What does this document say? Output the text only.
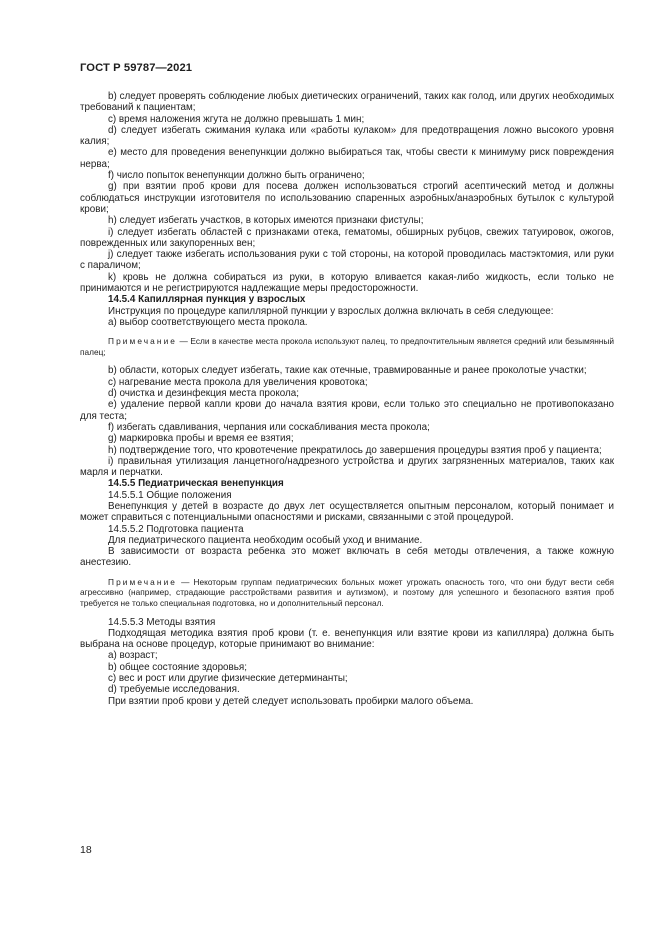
ГОСТ Р 59787—2021

b) следует проверять соблюдение любых диетических ограничений, таких как голод, или других необходимых требований к пациентам;

c) время наложения жгута не должно превышать 1 мин;

d) следует избегать сжимания кулака или «работы кулаком» для предотвращения ложно высокого уровня калия;

e) место для проведения венепункции должно выбираться так, чтобы свести к минимуму риск повреждения нерва;

f) число попыток венепункции должно быть ограничено;

g) при взятии проб крови для посева должен использоваться строгий асептический метод и должны соблюдаться инструкции изготовителя по использованию спаренных аэробных/анаэробных бутылок с культурой крови;

h) следует избегать участков, в которых имеются признаки фистулы;

i) следует избегать областей с признаками отека, гематомы, обширных рубцов, свежих татуировок, ожогов, поврежденных или закупоренных вен;

j) следует также избегать использования руки с той стороны, на которой проводилась мастэктомия, или руки с параличом;

k) кровь не должна собираться из руки, в которую вливается какая-либо жидкость, если только не принимаются и не регистрируются надлежащие меры предосторожности.

14.5.4 Капиллярная пункция у взрослых

Инструкция по процедуре капиллярной пункции у взрослых должна включать в себя следующее:

a) выбор соответствующего места прокола.

Примечание — Если в качестве места прокола используют палец, то предпочтительным является средний или безымянный палец;

b) области, которых следует избегать, такие как отечные, травмированные и ранее проколотые участки;

c) нагревание места прокола для увеличения кровотока;

d) очистка и дезинфекция места прокола;

e) удаление первой капли крови до начала взятия крови, если только это специально не противопоказано для теста;

f) избегать сдавливания, черпания или соскабливания места прокола;

g) маркировка пробы и время ее взятия;

h) подтверждение того, что кровотечение прекратилось до завершения процедуры взятия проб у пациента;

i) правильная утилизация ланцетного/надрезного устройства и других загрязненных материалов, таких как марля и перчатки.

14.5.5 Педиатрическая венепункция

14.5.5.1 Общие положения

Венепункция у детей в возрасте до двух лет осуществляется опытным персоналом, который понимает и может справиться с потенциальными опасностями и рисками, связанными с этой процедурой.

14.5.5.2 Подготовка пациента

Для педиатрического пациента необходим особый уход и внимание.

В зависимости от возраста ребенка это может включать в себя методы отвлечения, а также кожную анестезию.

Примечание — Некоторым группам педиатрических больных может угрожать опасность того, что они будут вести себя агрессивно (например, страдающие расстройствами развития и аутизмом), и поэтому для успешного и безопасного взятия проб требуется не только специальная подготовка, но и дополнительный персонал.

14.5.5.3 Методы взятия

Подходящая методика взятия проб крови (т. е. венепункция или взятие крови из капилляра) должна быть выбрана на основе процедур, которые принимают во внимание:

a) возраст;

b) общее состояние здоровья;

c) вес и рост или другие физические детерминанты;

d) требуемые исследования.

При взятии проб крови у детей следует использовать пробирки малого объема.

18
